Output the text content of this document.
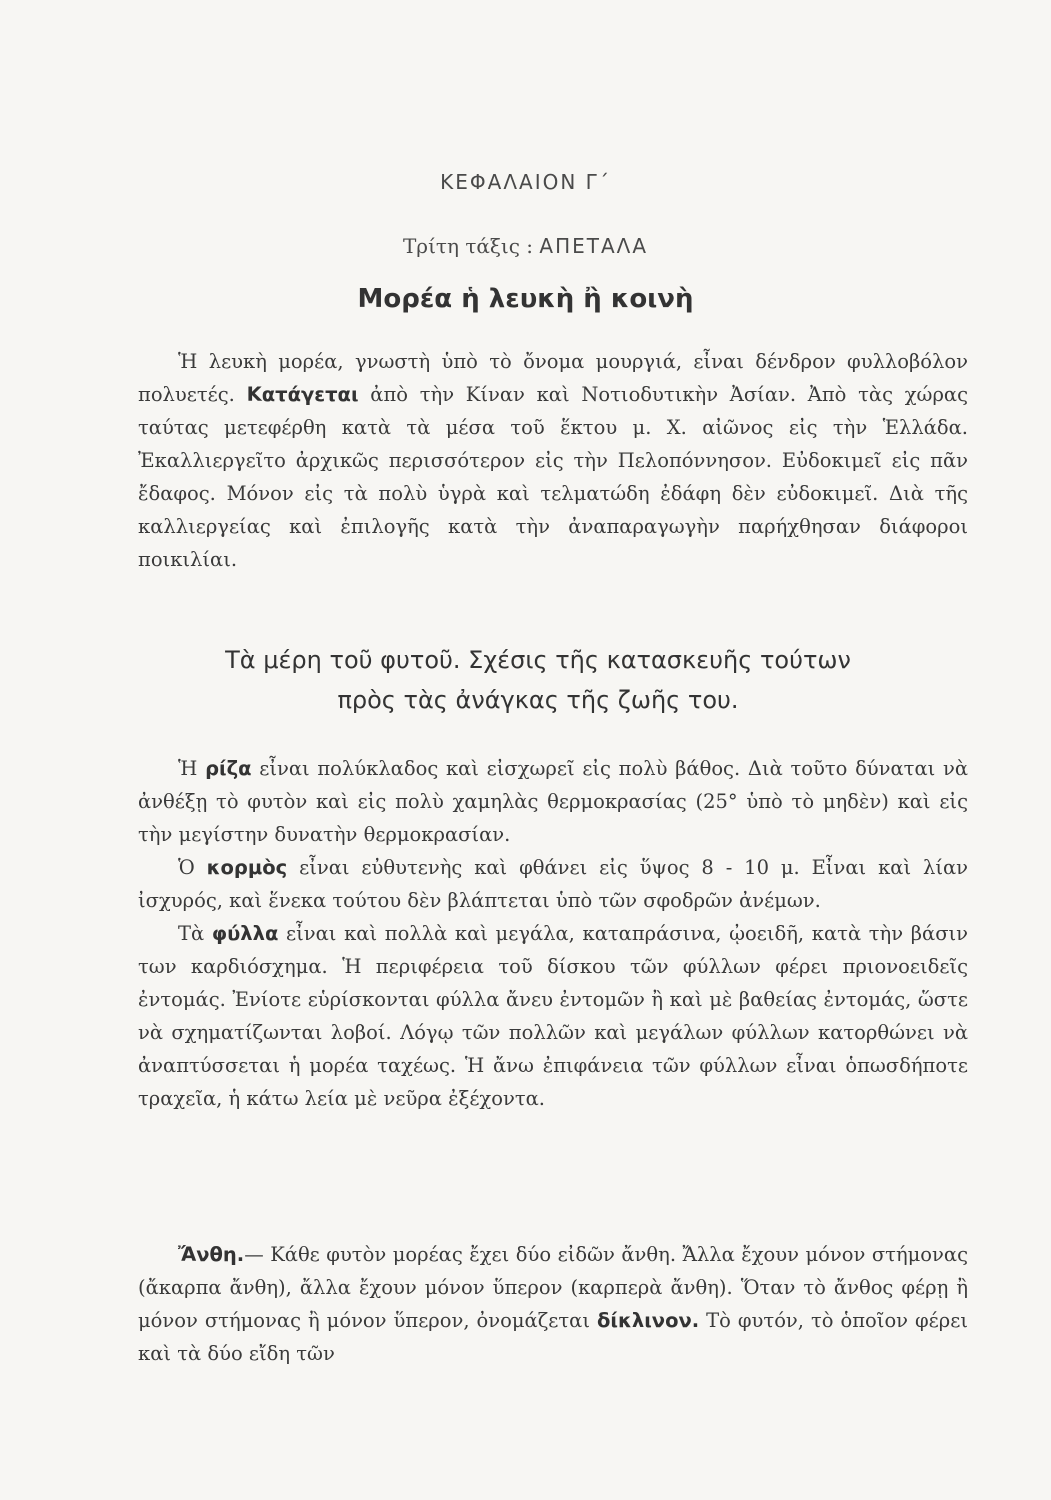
ΚΕΦΑΛΑΙΟΝ Γ΄
Τρίτη τάξις : ΑΠΕΤΑΛΑ
Μορέα ἡ λευκὴ ἢ κοινὴ

Ἡ λευκὴ μορέα, γνωστὴ ὑπὸ τὸ ὄνομα μουργιά, εἶναι δένδρον φυλλοβόλον πολυετές. Κατάγεται ἀπὸ τὴν Κίναν καὶ Νοτιοδυτικὴν Ἀσίαν. Ἀπὸ τὰς χώρας ταύτας μετεφέρθη κατὰ τὰ μέσα τοῦ ἕκτου μ. Χ. αἰῶνος εἰς τὴν Ἑλλάδα. Ἐκαλλιεργεῖτο ἀρχικῶς περισσότερον εἰς τὴν Πελοπόννησον. Εὐδοκιμεῖ εἰς πᾶν ἔδαφος. Μόνον εἰς τὰ πολὺ ὑγρὰ καὶ τελματώδη ἐδάφη δὲν εὐδοκιμεῖ. Διὰ τῆς καλλιεργείας καὶ ἐπιλογῆς κατὰ τὴν ἀναπαραγωγὴν παρήχθησαν διάφοροι ποικιλίαι.

Τὰ μέρη τοῦ φυτοῦ. Σχέσις τῆς κατασκευῆς τούτων
πρὸς τὰς ἀνάγκας τῆς ζωῆς του.

Ἡ ρίζα εἶναι πολύκλαδος καὶ εἰσχωρεῖ εἰς πολὺ βάθος. Διὰ τοῦτο δύναται νὰ ἀνθέξῃ τὸ φυτὸν καὶ εἰς πολὺ χαμηλὰς θερμοκρασίας (25° ὑπὸ τὸ μηδὲν) καὶ εἰς τὴν μεγίστην δυνατὴν θερμοκρασίαν.

Ὁ κορμὸς εἶναι εὐθυτενὴς καὶ φθάνει εἰς ὕψος 8 - 10 μ. Εἶναι καὶ λίαν ἰσχυρός, καὶ ἕνεκα τούτου δὲν βλάπτεται ὑπὸ τῶν σφοδρῶν ἀνέμων.

Τὰ φύλλα εἶναι καὶ πολλὰ καὶ μεγάλα, καταπράσινα, ᾠοειδῆ, κατὰ τὴν βάσιν των καρδιόσχημα. Ἡ περιφέρεια τοῦ δίσκου τῶν φύλλων φέρει πριονοειδεῖς ἐντομάς. Ἐνίοτε εὑρίσκονται φύλλα ἄνευ ἐντομῶν ἢ καὶ μὲ βαθείας ἐντομάς, ὥστε νὰ σχηματίζωνται λοβοί. Λόγῳ τῶν πολλῶν καὶ μεγάλων φύλλων κατορθώνει νὰ ἀναπτύσσεται ἡ μορέα ταχέως. Ἡ ἄνω ἐπιφάνεια τῶν φύλλων εἶναι ὁπωσδήποτε τραχεῖα, ἡ κάτω λεία μὲ νεῦρα ἐξέχοντα.

Ἄνθη.— Κάθε φυτὸν μορέας ἔχει δύο εἰδῶν ἄνθη. Ἄλλα ἔχουν μόνον στήμονας (ἄκαρπα ἄνθη), ἄλλα ἔχουν μόνον ὕπερον (καρπερὰ ἄνθη). Ὅταν τὸ ἄνθος φέρῃ ἢ μόνον στήμονας ἢ μόνον ὕπερον, ὀνομάζεται δίκλινον. Τὸ φυτόν, τὸ ὁποῖον φέρει καὶ τὰ δύο εἴδη τῶν
